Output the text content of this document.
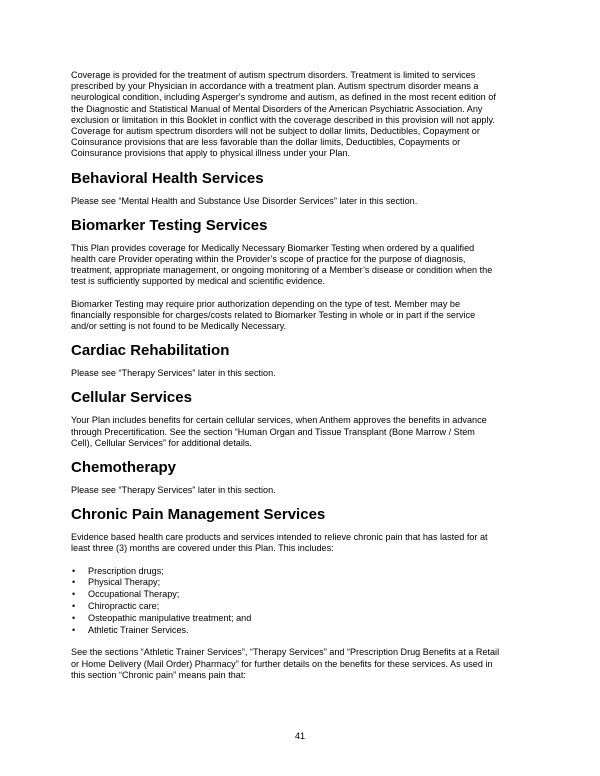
Coverage is provided for the treatment of autism spectrum disorders. Treatment is limited to services
prescribed by your Physician in accordance with a treatment plan. Autism spectrum disorder means a
neurological condition, including Asperger's syndrome and autism, as defined in the most recent edition of
the Diagnostic and Statistical Manual of Mental Disorders of the American Psychiatric Association. Any
exclusion or limitation in this Booklet in conflict with the coverage described in this provision will not apply.
Coverage for autism spectrum disorders will not be subject to dollar limits, Deductibles, Copayment or
Coinsurance provisions that are less favorable than the dollar limits, Deductibles, Copayments or
Coinsurance provisions that apply to physical illness under your Plan.

Behavioral Health Services

Please see “Mental Health and Substance Use Disorder Services” later in this section.

Biomarker Testing Services

This Plan provides coverage for Medically Necessary Biomarker Testing when ordered by a qualified
health care Provider operating within the Provider’s scope of practice for the purpose of diagnosis,
treatment, appropriate management, or ongoing monitoring of a Member’s disease or condition when the
test is sufficiently supported by medical and scientific evidence.

Biomarker Testing may require prior authorization depending on the type of test. Member may be
financially responsible for charges/costs related to Biomarker Testing in whole or in part if the service
and/or setting is not found to be Medically Necessary.

Cardiac Rehabilitation

Please see “Therapy Services” later in this section.

Cellular Services

Your Plan includes benefits for certain cellular services, when Anthem approves the benefits in advance
through Precertification. See the section “Human Organ and Tissue Transplant (Bone Marrow / Stem
Cell), Cellular Services” for additional details.

Chemotherapy

Please see “Therapy Services” later in this section.

Chronic Pain Management Services

Evidence based health care products and services intended to relieve chronic pain that has lasted for at
least three (3) months are covered under this Plan. This includes:

• Prescription drugs;
• Physical Therapy;
• Occupational Therapy;
• Chiropractic care;
• Osteopathic manipulative treatment; and
• Athletic Trainer Services.

See the sections “Athletic Trainer Services”, “Therapy Services” and “Prescription Drug Benefits at a Retail
or Home Delivery (Mail Order) Pharmacy” for further details on the benefits for these services. As used in
this section “Chronic pain” means pain that:

41
